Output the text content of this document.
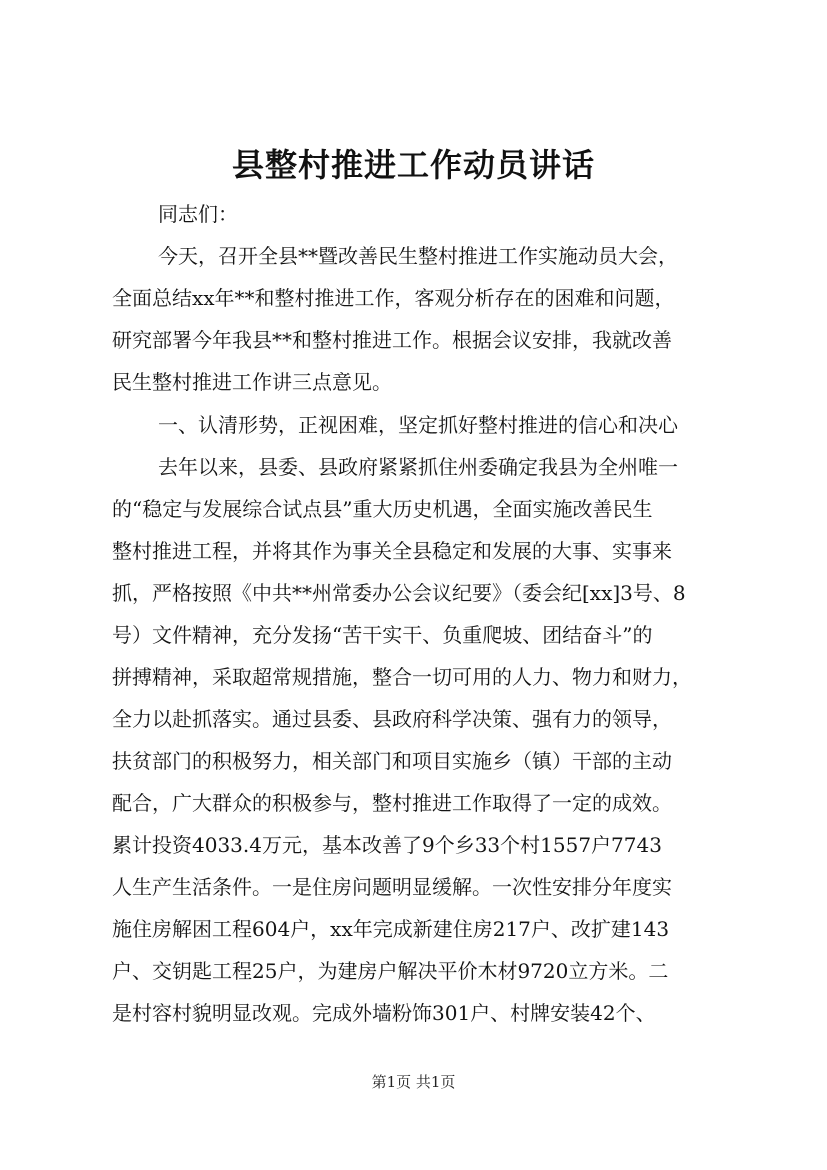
县整村推进工作动员讲话
同志们：
今天，召开全县**暨改善民生整村推进工作实施动员大会，
全面总结xx年**和整村推进工作，客观分析存在的困难和问题，
研究部署今年我县**和整村推进工作。根据会议安排，我就改善
民生整村推进工作讲三点意见。
一、认清形势，正视困难，坚定抓好整村推进的信心和决心
去年以来，县委、县政府紧紧抓住州委确定我县为全州唯一
的“稳定与发展综合试点县”重大历史机遇，全面实施改善民生
整村推进工程，并将其作为事关全县稳定和发展的大事、实事来
抓，严格按照《中共**州常委办公会议纪要》（委会纪[xx]3号、8
号）文件精神，充分发扬“苦干实干、负重爬坡、团结奋斗”的
拼搏精神，采取超常规措施，整合一切可用的人力、物力和财力，
全力以赴抓落实。通过县委、县政府科学决策、强有力的领导，
扶贫部门的积极努力，相关部门和项目实施乡（镇）干部的主动
配合，广大群众的积极参与，整村推进工作取得了一定的成效。
累计投资4033.4万元，基本改善了9个乡33个村1557户7743
人生产生活条件。一是住房问题明显缓解。一次性安排分年度实
施住房解困工程604户，xx年完成新建住房217户、改扩建143
户、交钥匙工程25户，为建房户解决平价木材9720立方米。二
是村容村貌明显改观。完成外墙粉饰301户、村牌安装42个、
第1页 共1页
